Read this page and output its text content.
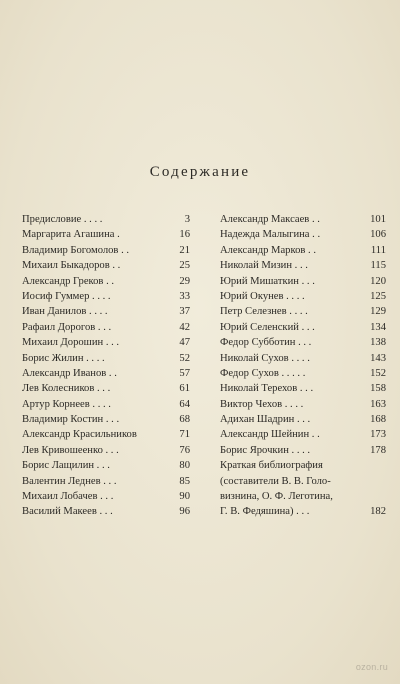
Содержание
Предисловие . . . .	3
Маргарита Агашина .	16
Владимир Богомолов . .	21
Михаил Быкадоров . .	25
Александр Греков . .	29
Иосиф Гуммер . . . .	33
Иван Данилов . . . .	37
Рафаил Дорогов . . .	42
Михаил Дорошин . . .	47
Борис Жилин . . . .	52
Александр Иванов . .	57
Лев Колесников . . .	61
Артур Корнеев . . . .	64
Владимир Костин . . .	68
Александр Красильников	71
Лев Кривошеенко . . .	76
Борис Лащилин . . .	80
Валентин Леднев . . .	85
Михаил Лобачев . . .	90
Василий Макеев . . .	96
Александр Максаев . .	101
Надежда Малыгина . .	106
Александр Марков . .	111
Николай Мизин . . .	115
Юрий Мишаткин . . .	120
Юрий Окунев . . . .	125
Петр Селезнев . . . .	129
Юрий Селенский . . .	134
Федор Субботин . . .	138
Николай Сухов . . . .	143
Федор Сухов . . . . .	152
Николай Терехов . . .	158
Виктор Чехов . . . .	163
Адихан Шадрин . . .	168
Александр Шейнин . .	173
Борис Ярочкин . . . .	178
Краткая библиография
(составители В. В. Голо-
визнина, О. Ф. Леготина,
Г. В. Федяшина) . . .	182
ozon.ru
